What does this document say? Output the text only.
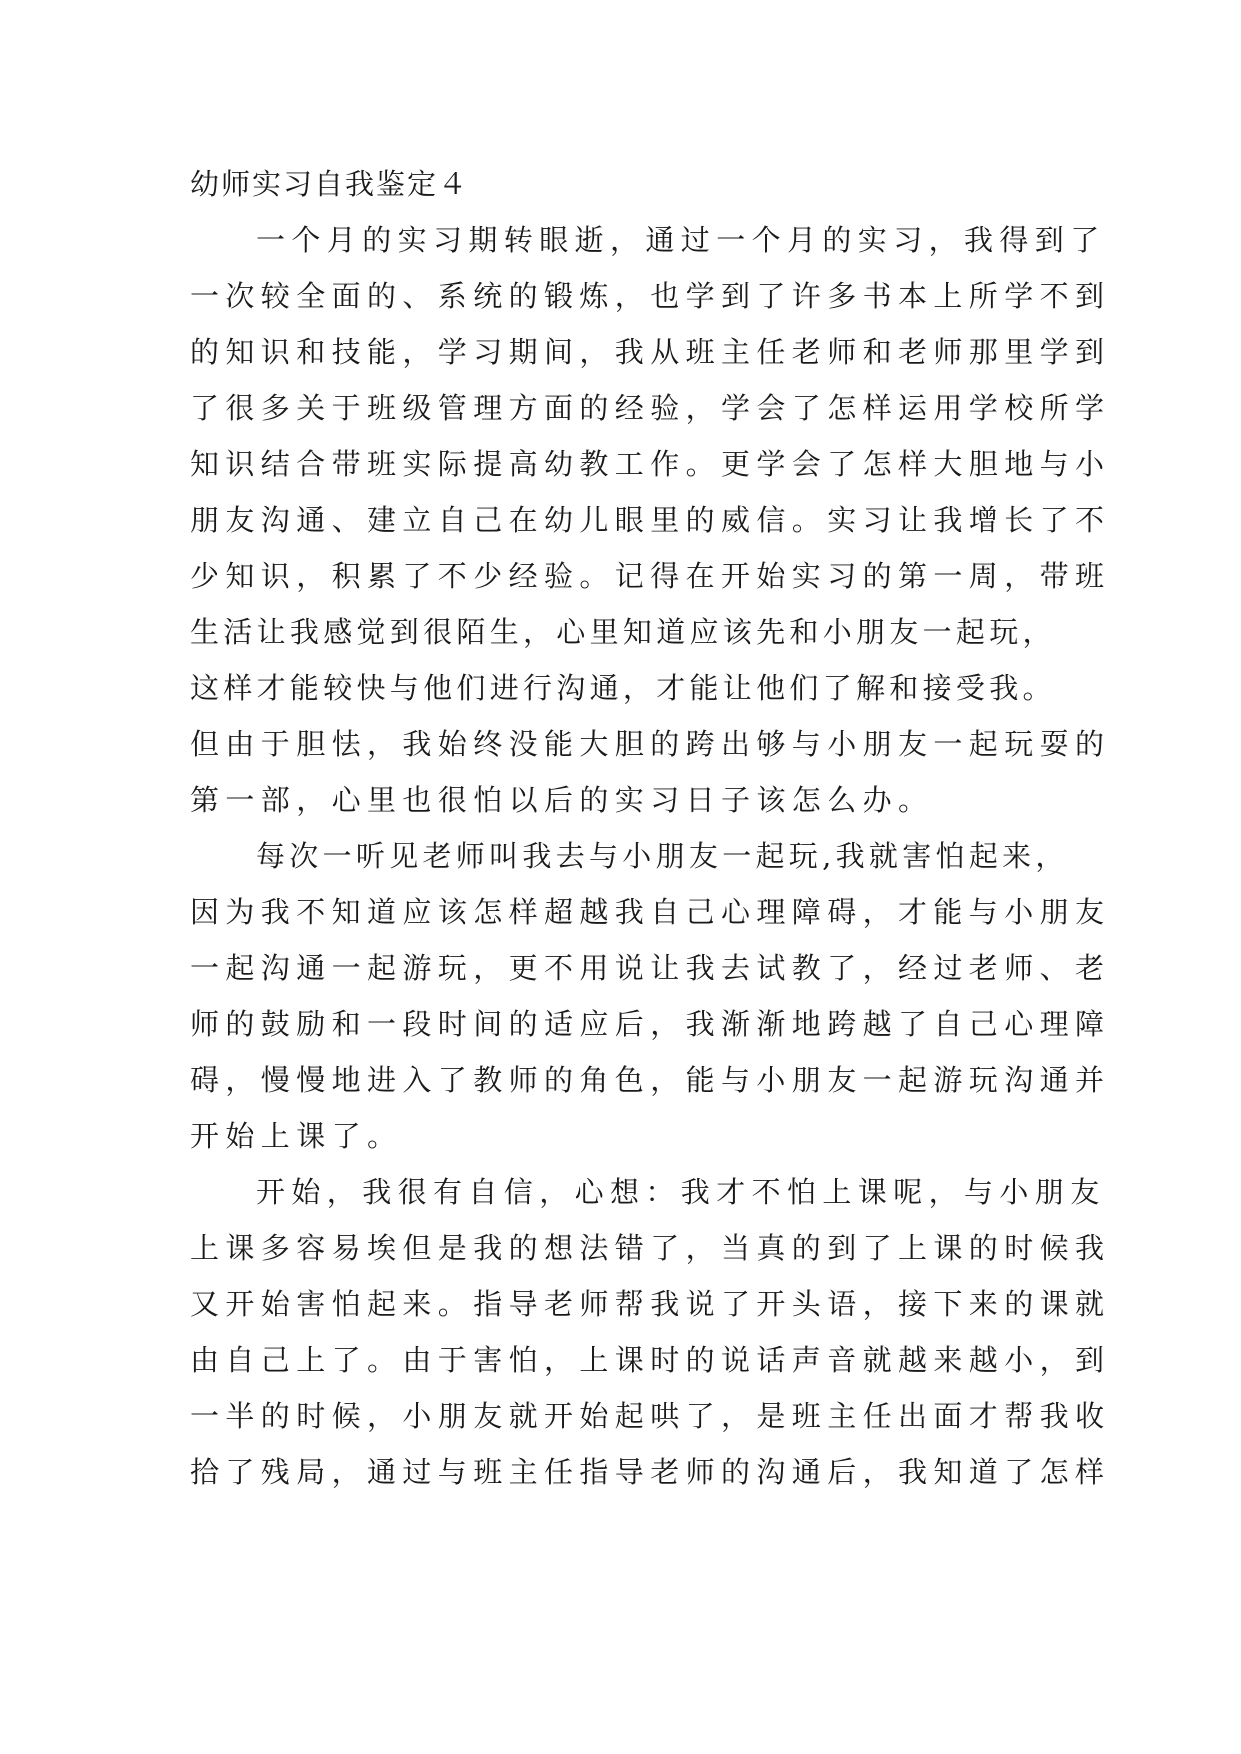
幼师实习自我鉴定４
一个月的实习期转眼逝，通过一个月的实习，我得到了
一次较全面的、系统的锻炼，也学到了许多书本上所学不到
的知识和技能，学习期间，我从班主任老师和老师那里学到
了很多关于班级管理方面的经验，学会了怎样运用学校所学
知识结合带班实际提高幼教工作。更学会了怎样大胆地与小
朋友沟通、建立自己在幼儿眼里的威信。实习让我增长了不
少知识，积累了不少经验。记得在开始实习的第一周，带班
生活让我感觉到很陌生，心里知道应该先和小朋友一起玩，
这样才能较快与他们进行沟通，才能让他们了解和接受我。
但由于胆怯，我始终没能大胆的跨出够与小朋友一起玩耍的
第一部，心里也很怕以后的实习日子该怎么办。
每次一听见老师叫我去与小朋友一起玩,我就害怕起来，
因为我不知道应该怎样超越我自己心理障碍，才能与小朋友
一起沟通一起游玩，更不用说让我去试教了，经过老师、老
师的鼓励和一段时间的适应后，我渐渐地跨越了自己心理障
碍，慢慢地进入了教师的角色，能与小朋友一起游玩沟通并
开始上课了。
开始，我很有自信，心想：我才不怕上课呢，与小朋友
上课多容易埃但是我的想法错了，当真的到了上课的时候我
又开始害怕起来。指导老师帮我说了开头语，接下来的课就
由自己上了。由于害怕，上课时的说话声音就越来越小，到
一半的时候，小朋友就开始起哄了，是班主任出面才帮我收
拾了残局，通过与班主任指导老师的沟通后，我知道了怎样
